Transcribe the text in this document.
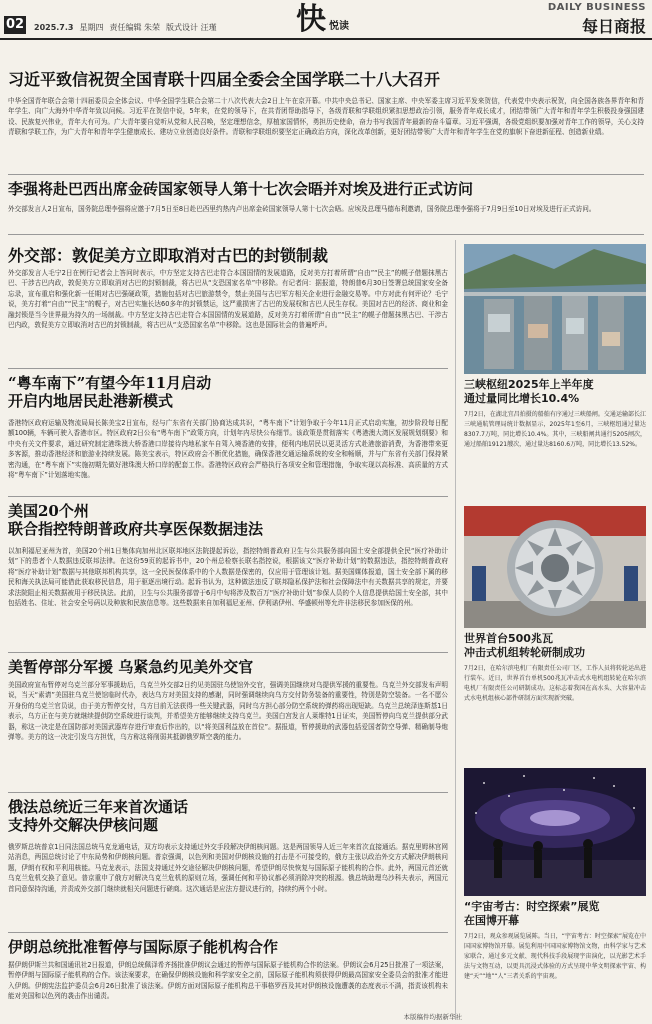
02 2025.7.3 星期四 责任编辑 朱荣 版式设计 汪瑾	快 悦读
DAILY BUSINESS
每日商报
习近平致信祝贺全国青联十四届全委会全国学联二十八大召开
中华全国青年联合会第十四届委员会全体会议、中华全国学生联合会第二十八次代表大会2日上午在京开幕。中共中央总书记、国家主席、中央军委主席习近平发来贺信，代表党中央表示祝贺，向全国各族各界青年和青年学生、向广大海外中华青年致以问候。习近平在贺信中说，5年来，在党的领导下，在共青团帮助指导下，各级青联和学联组织紧扣思想政治引领，服务青年成长成才，团结带领广大青年和青年学生积极投身强国建设、民族复兴伟业，青年大有可为。广大青年要自觉听从党和人民召唤，坚定理想信念，厚植家国情怀，勇担历史使命，奋力书写我国青年最新的奋斗篇章。习近平强调，各级党组织要加强对青年工作的领导，关心支持青联和学联工作，为广大青年和青年学生健康成长、建功立业创造良好条件。青联和学联组织要坚定正确政治方向，深化改革创新，更好团结带领广大青年和青年学生在党的旗帜下奋进新征程、创造新业绩。
李强将赴巴西出席金砖国家领导人第十七次会晤并对埃及进行正式访问
外交部发言人2日宣布，国务院总理李强将应邀于7月5日至8日赴巴西里约热内卢出席金砖国家领导人第十七次会晤。应埃及总理马德布利邀请，国务院总理李强将于7月9日至10日对埃及进行正式访问。
外交部：敦促美方立即取消对古巴的封锁制裁
外交部发言人毛宁2日在例行记者会上答问时表示，中方坚定支持古巴走符合本国国情的发展道路，反对美方打着所谓“自由”“民主”的幌子借题抹黑古巴、干涉古巴内政，敦促美方立即取消对古巴的封锁制裁，将古巴从“支恐国家名单”中移除。有记者问：据报道，特朗普6月30日签署总统国家安全备忘录，宣布重启和强化新一任期对古巴强硬政策，措施包括对古巴旅游禁令，禁止美国与古巴军方相关企业进行金融交易等。中方对此有何评论？毛宁说，美方打着“自由”“民主”的幌子，对古巴实施长达60多年的封锁禁运，这严重损害了古巴的发展权和古巴人民生存权。美国对古巴的经济、商业和金融封锁是当今世界最为持久的一场制裁。中方坚定支持古巴走符合本国国情的发展道路，反对美方打着所谓“自由”“民主”的幌子借题抹黑古巴、干涉古巴内政，敦促美方立即取消对古巴的封锁制裁，将古巴从“支恐国家名单”中移除。这也是国际社会的普遍呼声。
“粤车南下”有望今年11月启动
开启内地居民赴港新模式
香港特区政府运输及物流局局长陈美宝2日宣布，经与广东省有关部门协商达成共识，“粤车南下”计划争取于今年11月正式启动实施，初步阶段每日配额100辆，车辆可驶入香港市区。特区政府2日公布“粤车南下”政策方向，计划年内尽快公布细节。该政策是贯彻落实《粤港澳大湾区发展规划纲要》和中央有关文件要求，通过研究制定港珠澳大桥香港口岸接待内地私家车自驾入境香港的安排，便利内地居民以更灵活方式赴港旅游消费，为香港带来更多客源，推动香港经济和旅游业持续发展。陈美宝表示，特区政府会不断优化措施，确保香港交通运输系统的安全和畅顺，并与广东省有关部门保持紧密沟通，在“粤车南下”实施初期先做好港珠澳大桥口岸的配套工作。香港特区政府会严格执行各项安全和管理措施，争取实现以高标准、高质量的方式将“粤车南下”计划落地实施。
美国20个州
联合指控特朗普政府共享医保数据违法
以加利福尼亚州为首，美国20个州1日集体向加州北区联邦地区法院提起诉讼，指控特朗普政府卫生与公共服务部向国土安全部提供全民“医疗补助计划”下的患者个人数据违反联邦法律。在这份59页的起诉书中，20个州总检察长联名指控说，根据该文“医疗补助计划”的数据违法，指控特朗普政府将“医疗补助计划”数据与其他联邦机构共享，这一全民医保体系中的个人数据是保密的，仅应用于管理该计划。据美国媒体报道，国土安全部下属的移民和海关执法局可能借此获取移民信息，用于驱逐出境行动。起诉书认为，这种做法违反了联邦隐私保护法和社会保障法中有关数据共享的规定，并要求法院阻止相关数据被用于移民执法。此前，卫生与公共服务部曾于6月中旬将涉及数百万“医疗补助计划”参保人员的个人信息提供给国土安全部，其中包括姓名、住址、社会安全号码以及种族和民族信息等。这些数据来自加利福尼亚州、伊利诺伊州、华盛顿州等允许非法移民参加医保的州。
美暂停部分军援 乌紧急约见美外交官
美国政府宣布暂停对乌克兰部分军事援助后，乌克兰外交部2日约见美国驻乌使馆外交官，强调美国继续对乌提供军援的重要性。乌克兰外交部发布声明说，当天“素请”美国驻乌克兰使馆临时代办，表达乌方对美国支持的感谢，同时强调继续向乌方交付防务装备的重要性，特别是防空装备。一名不愿公开身份的乌克兰官员说，由于美方暂停交付，乌方目前无法获得一些关键武器，同时乌方担心部分防空系统的弹药将出现短缺。乌克兰总统泽连斯基1日表示，乌方正在与美方就继续提供防空系统进行谈判，并希望美方能够继续支持乌克兰。美国白宫发言人莱维特1日证实，美国暂停向乌克兰提供部分武器，称这一决定是在国防部对美国武器库存进行审查后作出的，以“将美国利益放在首位”。据报道，暂停援助的武器包括爱国者防空导弹、精确制导炮弹等。美方的这一决定引发乌方担忧，乌方称这将削弱其抵御俄罗斯空袭的能力。
俄法总统近三年来首次通话
支持外交解决伊核问题
俄罗斯总统普京1日同法国总统马克龙通电话，双方均表示支持通过外交手段解决伊朗核问题。这是两国领导人近三年来首次直接通话。据克里姆林宫网站消息，两国总统讨论了中东局势和伊朗核问题。普京强调，以色列和美国对伊朗核设施的打击是不可接受的，俄方主张以政治外交方式解决伊朗核问题，伊朗有权和平利用核能。马克龙表示，法国支持通过外交途径解决伊朗核问题，希望伊朗尽快恢复与国际原子能机构的合作。此外，两国元首还就乌克兰危机交换了意见。普京重申了俄方对解决乌克兰危机的原则立场，强调任何和平协议都必须消除冲突的根源。俄总统助理乌沙科夫表示，两国元首同意保持沟通，并责成外交部门继续就相关问题进行磋商。这次通话是应法方提议进行的，持续约两个小时。
伊朗总统批准暂停与国际原子能机构合作
据伊朗伊斯兰共和国通讯社2日报道，伊朗总统佩泽希齐扬批准伊朗议会通过的暂停与国际原子能机构合作的法案。伊朗议会6月25日批准了一项法案，暂停伊朗与国际原子能机构的合作。该法案要求，在确保伊朗核设施和科学家安全之前，国际原子能机构须获得伊朗最高国家安全委员会的批准才能进入伊朗。伊朗宪法监护委员会6月26日批准了该法案。伊朗方面对国际原子能机构总干事格罗西及其对伊朗核设施遭袭的态度表示不满，指责该机构未能对美国和以色列的袭击作出谴责。
本版稿件均据新华社
三峡枢纽2025年上半年度
通过量同比增长10.4%
7月2日，在湖北宜昌拍摄的船舶有序通过三峡船闸。交通运输部长江三峡通航管理局统计数据显示，2025年1至6月，三峡枢纽通过量达8307.7万吨，同比增长10.4%。其中，三峡船闸共通行5205闸次，通过船舶19121艘次，通过量达8160.6万吨，同比增长13.52%。
世界首台500兆瓦
冲击式机组转轮研制成功
7月2日，在哈尔滨电机厂有限责任公司厂区，工作人员将转轮运出进行装车。近日，世界首台单机500兆瓦冲击式水电机组转轮在哈尔滨电机厂有限责任公司研制成功。这标志着我国在高水头、大容量冲击式水电机组核心部件研制方面实现新突破。
“宇宙考古：时空探索”展览
在国博开幕
7月2日，观众参观展览展陈。当日，“宇宙考古：时空探索”展览在中国国家博物馆开幕。展览利用中国国家博物馆文物，由科学家与艺术家联合，通过多元文献、现代科技手段展现宇宙演化，以光影艺术手法与文物互动，以更具沉浸式体验的方式呈现中华文明探索宇宙、构建“天”“地”“人”三者关系的宇宙观。
